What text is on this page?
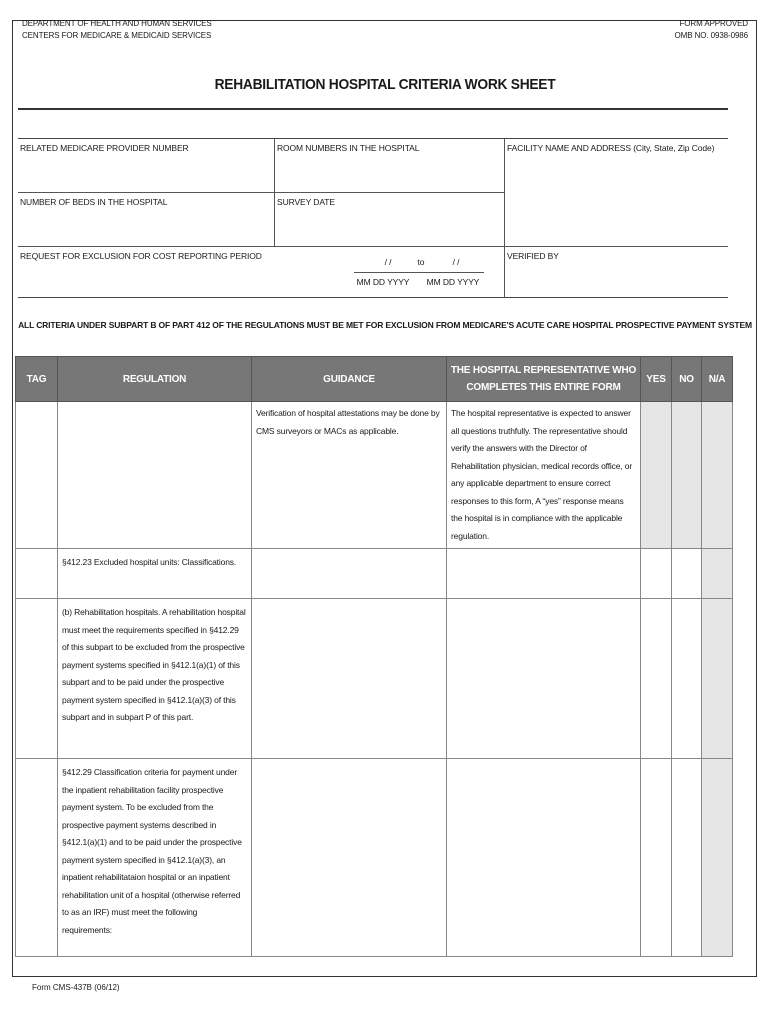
DEPARTMENT OF HEALTH AND HUMAN SERVICES
CENTERS FOR MEDICARE & MEDICAID SERVICES
FORM APPROVED
OMB NO. 0938-0986
REHABILITATION HOSPITAL CRITERIA WORK SHEET
RELATED MEDICARE PROVIDER NUMBER	ROOM NUMBERS IN THE HOSPITAL	FACILITY NAME AND ADDRESS (City, State, Zip Code)
NUMBER OF BEDS IN THE HOSPITAL	SURVEY DATE
REQUEST FOR EXCLUSION FOR COST REPORTING PERIOD
/ /	to	/ /
MM DD YYYY	MM DD YYYY
VERIFIED BY
ALL CRITERIA UNDER SUBPART B OF PART 412 OF THE REGULATIONS MUST BE MET FOR EXCLUSION FROM MEDICARE'S ACUTE CARE HOSPITAL PROSPECTIVE PAYMENT SYSTEM
TAG	REGULATION	GUIDANCE	THE HOSPITAL REPRESENTATIVE WHO COMPLETES THIS ENTIRE FORM	YES	NO	N/A
		Verification of hospital attestations may be done by CMS surveyors or MACs as applicable.	The hospital representative is expected to answer all questions truthfully. The representative should verify the answers with the Director of Rehabilitation physician, medical records office, or any applicable department to ensure correct responses to this form, A “yes” response means the hospital is in compliance with the applicable regulation.			
	§412.23 Excluded hospital units: Classifications.					
	(b) Rehabilitation hospitals. A rehabilitation hospital must meet the requirements specified in §412.29 of this subpart to be excluded from the prospective payment systems specified in §412.1(a)(1) of this subpart and to be paid under the prospective payment system specified in §412.1(a)(3) of this subpart and in subpart P of this part.					
	§412.29 Classification criteria for payment under the inpatient rehabilitation facility prospective payment system. To be excluded from the prospective payment systems described in §412.1(a)(1) and to be paid under the prospective payment system specified in §412.1(a)(3), an inpatient rehabilitataion hospital or an inpatient rehabilitation unit of a hospital (otherwise referred to as an IRF) must meet the following requirements:					
Form CMS-437B (06/12)
